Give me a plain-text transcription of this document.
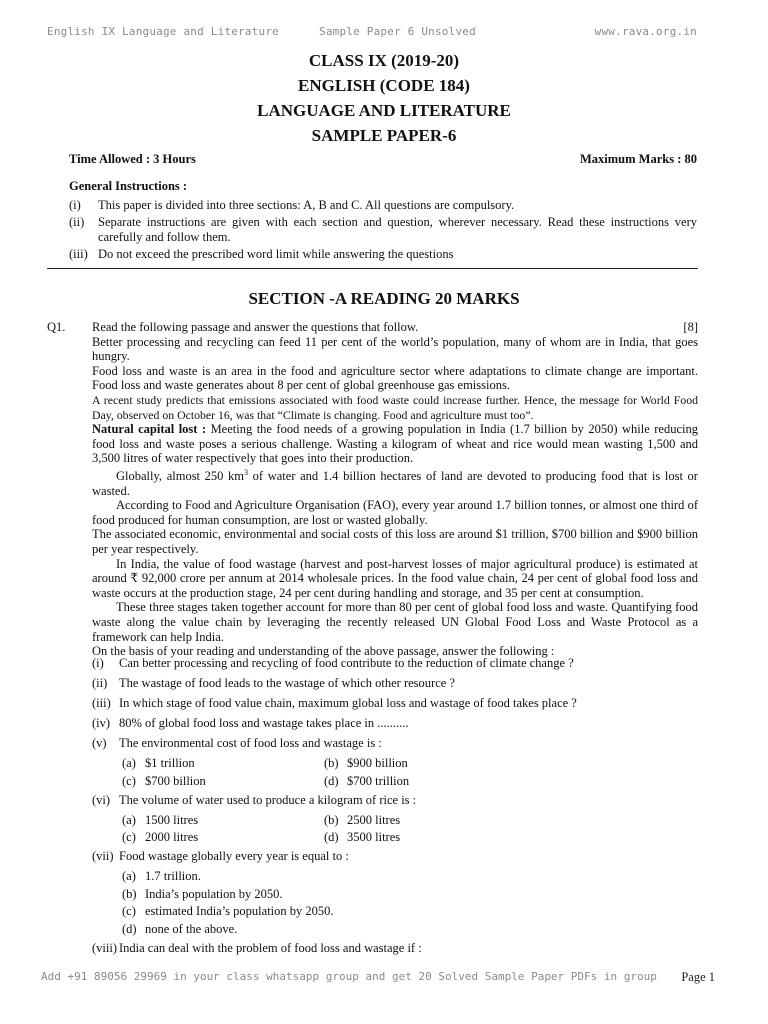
English IX Language and Literature	Sample Paper 6 Unsolved	www.rava.org.in
CLASS IX (2019-20)
ENGLISH (CODE 184)
LANGUAGE AND LITERATURE
SAMPLE PAPER-6
Time Allowed : 3 Hours	Maximum Marks : 80
General Instructions :
(i)	This paper is divided into three sections: A, B and C. All questions are compulsory.
(ii)	Separate instructions are given with each section and question, wherever necessary. Read these instructions very carefully and follow them.
(iii) Do not exceed the prescribed word limit while answering the questions
SECTION -A READING 20 MARKS
Q1. Read the following passage and answer the questions that follow.	[8]

Better processing and recycling can feed 11 per cent of the world’s population, many of whom are in India, that goes hungry.

Food loss and waste is an area in the food and agriculture sector where adaptations to climate change are important. Food loss and waste generates about 8 per cent of global greenhouse gas emissions.

A recent study predicts that emissions associated with food waste could increase further. Hence, the message for World Food Day, observed on October 16, was that “Climate is changing. Food and agriculture must too”.

Natural capital lost : Meeting the food needs of a growing population in India (1.7 billion by 2050) while reducing food loss and waste poses a serious challenge. Wasting a kilogram of wheat and rice would mean wasting 1,500 and 3,500 litres of water respectively that goes into their production.

Globally, almost 250 $km^3$ of water and 1.4 billion hectares of land are devoted to producing food that is lost or wasted.

According to Food and Agriculture Organisation (FAO), every year around 1.7 billion tonnes, or almost one third of food produced for human consumption, are lost or wasted globally.

The associated economic, environmental and social costs of this loss are around $1 trillion, $700 billion and $900 billion per year respectively.

In India, the value of food wastage (harvest and post-harvest losses of major agricultural produce) is estimated at around ₹ 92,000 crore per annum at 2014 wholesale prices. In the food value chain, 24 per cent of global food loss and waste occurs at the production stage, 24 per cent during handling and storage, and 35 per cent at consumption.

These three stages taken together account for more than 80 per cent of global food loss and waste. Quantifying food waste along the value chain by leveraging the recently released UN Global Food Loss and Waste Protocol as a framework can help India.

On the basis of your reading and understanding of the above passage, answer the following :

(i)	Can better processing and recycling of food contribute to the reduction of climate change ?
(ii) The wastage of food leads to the wastage of which other resource ?
(iii) In which stage of food value chain, maximum global loss and wastage of food takes place ?
(iv) 80% of global food loss and wastage takes place in ..........
(v) The environmental cost of food loss and wastage is :
(a) $1 trillion	(b) $900 billion
(c) $700 billion	(d) $700 trillion
(vi) The volume of water used to produce a kilogram of rice is :
(a) 1500 litres	(b) 2500 litres
(c) 2000 litres	(d) 3500 litres
(vii) Food wastage globally every year is equal to :
(a) 1.7 trillion.
(b) India’s population by 2050.
(c) estimated India’s population by 2050.
(d) none of the above.
(viii) India can deal with the problem of food loss and wastage if :
Add +91 89056 29969 in your class whatsapp group and get 20 Solved Sample Paper PDFs in group Page 1
